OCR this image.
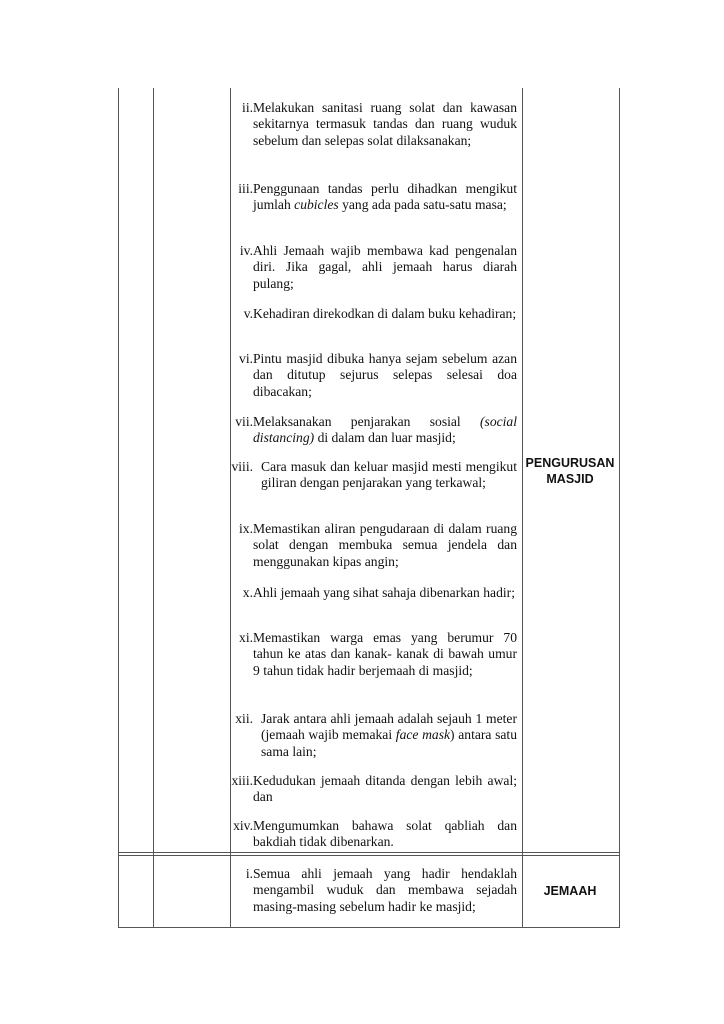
ii. Melakukan sanitasi ruang solat dan kawasan sekitarnya termasuk tandas dan ruang wuduk sebelum dan selepas solat dilaksanakan;
iii. Penggunaan tandas perlu dihadkan mengikut jumlah cubicles yang ada pada satu-satu masa;
iv. Ahli Jemaah wajib membawa kad pengenalan diri. Jika gagal, ahli jemaah harus diarah pulang;
v. Kehadiran direkodkan di dalam buku kehadiran;
vi. Pintu masjid dibuka hanya sejam sebelum azan dan ditutup sejurus selepas selesai doa dibacakan;
vii. Melaksanakan penjarakan sosial (social distancing) di dalam dan luar masjid;
viii. Cara masuk dan keluar masjid mesti mengikut giliran dengan penjarakan yang terkawal;
ix. Memastikan aliran pengudaraan di dalam ruang solat dengan membuka semua jendela dan menggunakan kipas angin;
x. Ahli jemaah yang sihat sahaja dibenarkan hadir;
xi. Memastikan warga emas yang berumur 70 tahun ke atas dan kanak- kanak di bawah umur 9 tahun tidak hadir berjemaah di masjid;
xii. Jarak antara ahli jemaah adalah sejauh 1 meter (jemaah wajib memakai face mask) antara satu sama lain;
xiii. Kedudukan jemaah ditanda dengan lebih awal; dan
xiv. Mengumumkan bahawa solat qabliah dan bakdiah tidak dibenarkan.
PENGURUSAN
MASJID
i. Semua ahli jemaah yang hadir hendaklah mengambil wuduk dan membawa sejadah masing-masing sebelum hadir ke masjid;
JEMAAH
